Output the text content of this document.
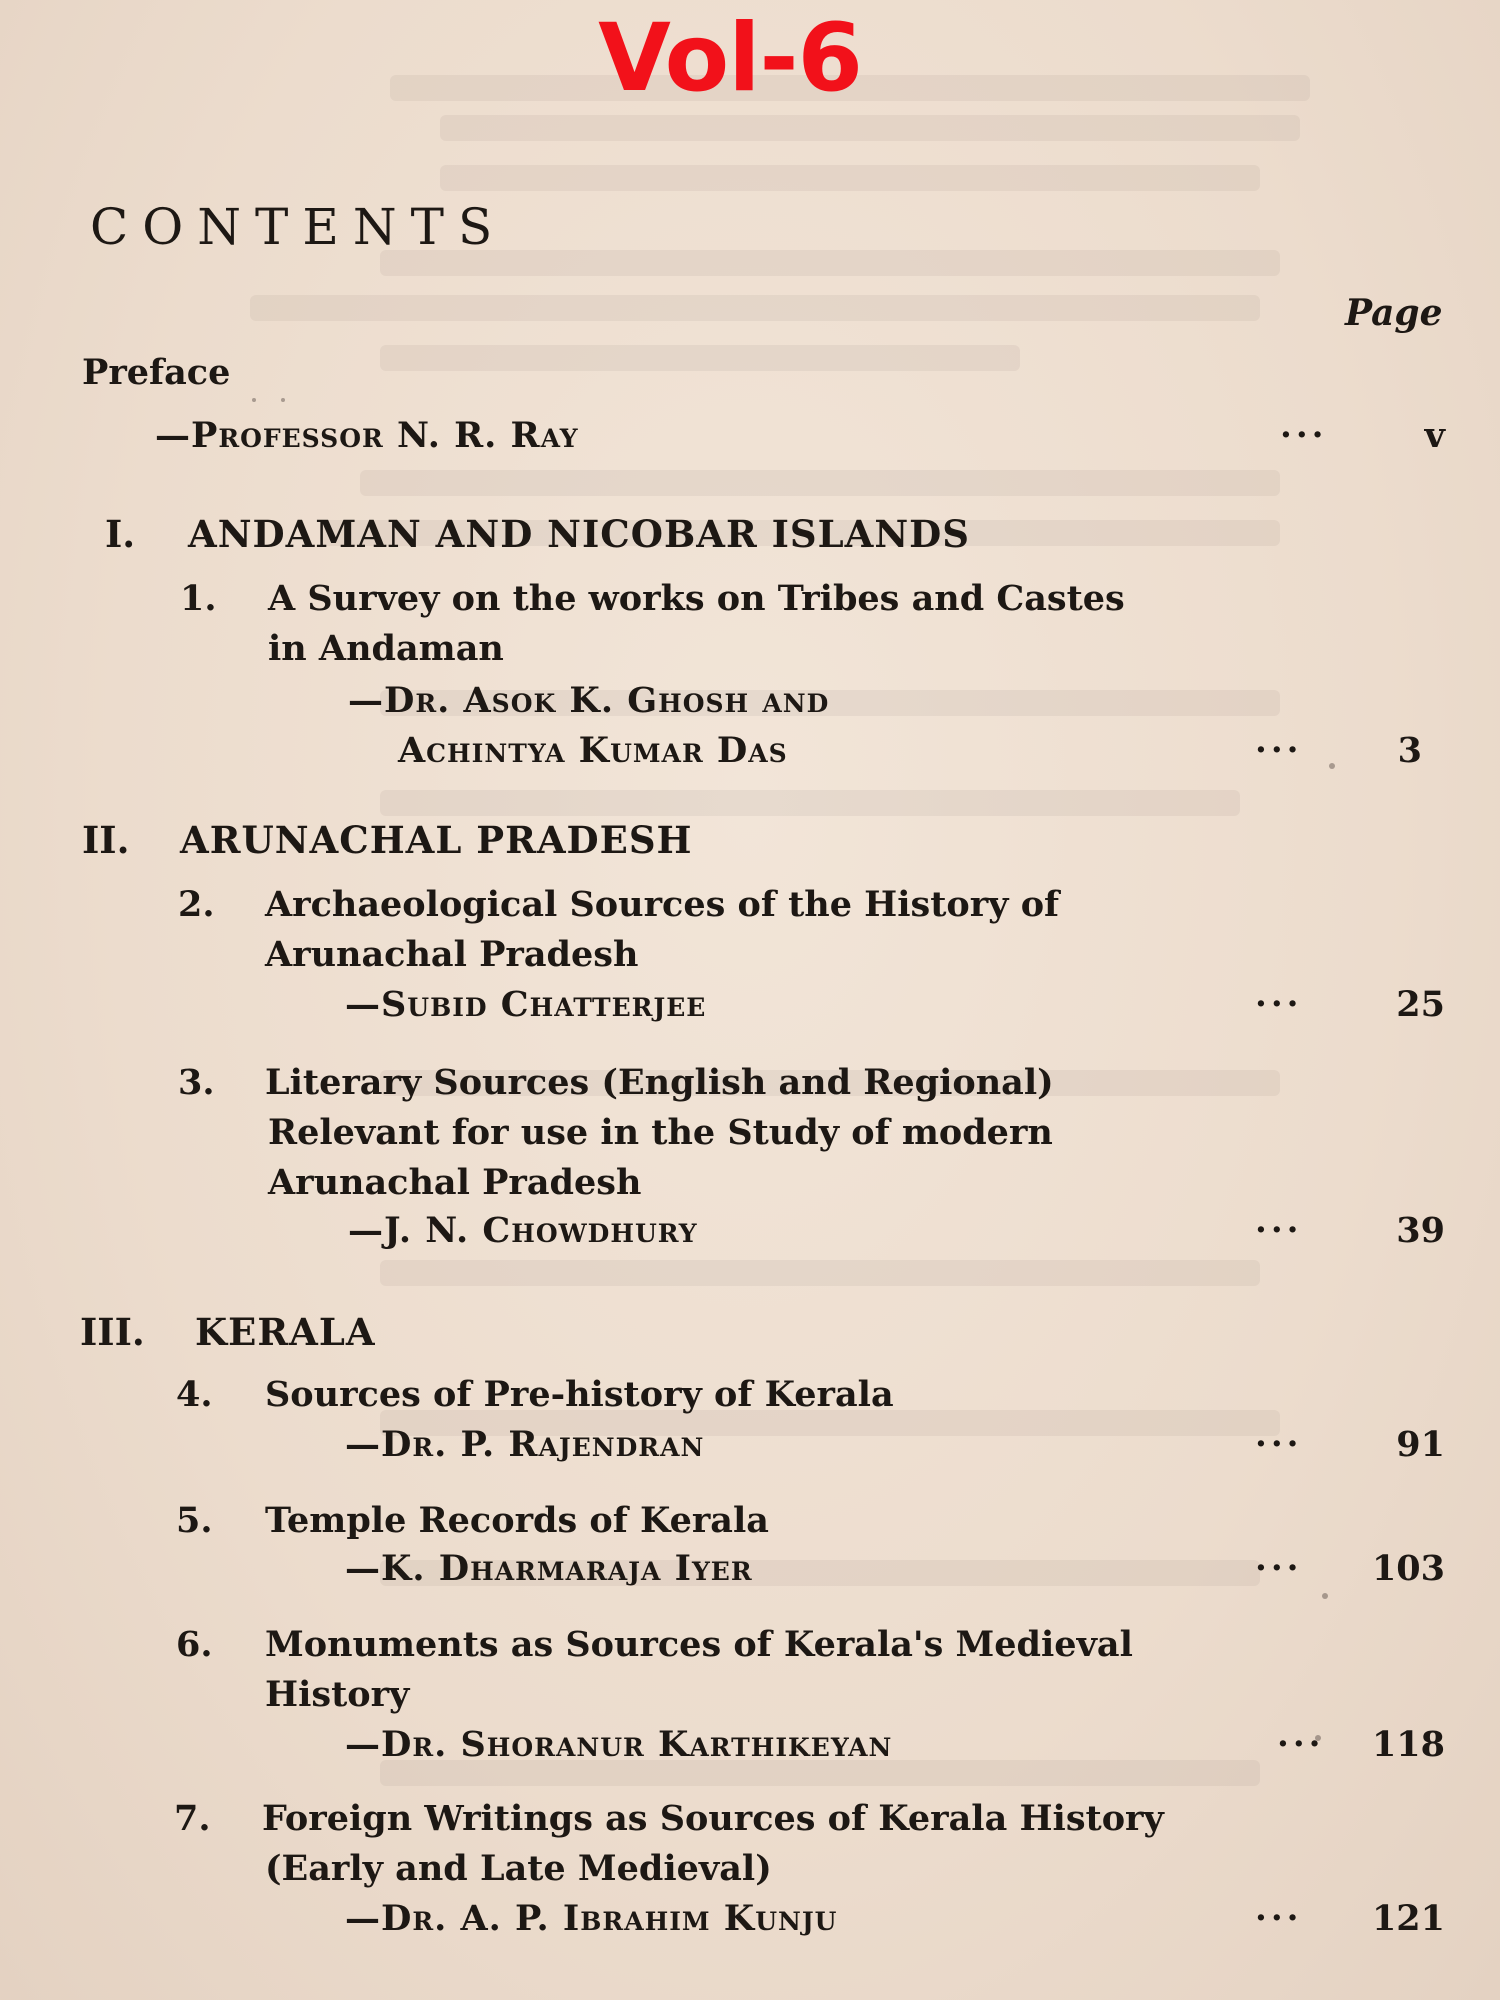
Vol-6
CONTENTS
Page
Preface
—Professor N. R. Ray	···	v
I. ANDAMAN AND NICOBAR ISLANDS
1. A Survey on the works on Tribes and Castes
in Andaman
—Dr. Asok K. Ghosh and
Achintya Kumar Das	···	3
II. ARUNACHAL PRADESH
2. Archaeological Sources of the History of
Arunachal Pradesh
—Subid Chatterjee	···	25
3. Literary Sources (English and Regional)
Relevant for use in the Study of modern
Arunachal Pradesh
—J. N. Chowdhury	···	39
III. KERALA
4. Sources of Pre-history of Kerala
—Dr. P. Rajendran	···	91
5. Temple Records of Kerala
—K. Dharmaraja Iyer	···	103
6. Monuments as Sources of Kerala's Medieval
History
—Dr. Shoranur Karthikeyan	···	118
7. Foreign Writings as Sources of Kerala History
(Early and Late Medieval)
—Dr. A. P. Ibrahim Kunju	···	121
